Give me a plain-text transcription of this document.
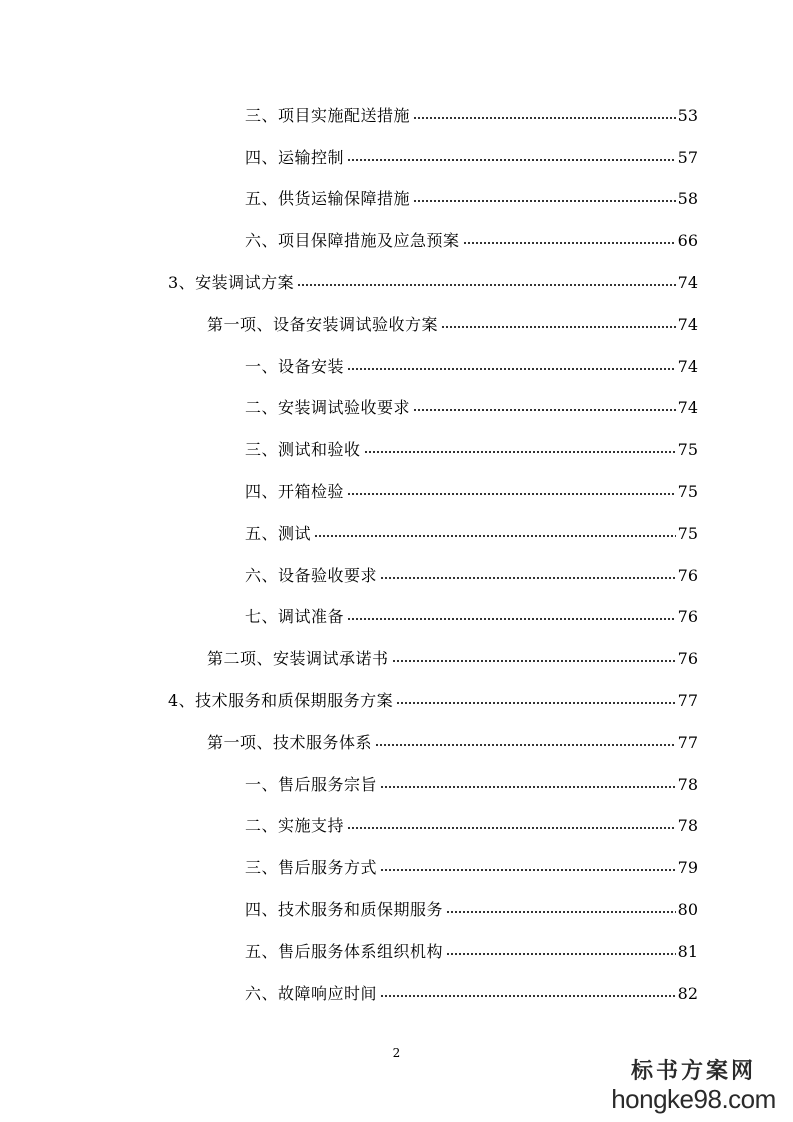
三、项目实施配送措施	53
四、运输控制	57
五、供货运输保障措施	58
六、项目保障措施及应急预案	66
3、安装调试方案	74
第一项、设备安装调试验收方案	74
一、设备安装	74
二、安装调试验收要求	74
三、测试和验收	75
四、开箱检验	75
五、测试	75
六、设备验收要求	76
七、调试准备	76
第二项、安装调试承诺书	76
4、技术服务和质保期服务方案	77
第一项、技术服务体系	77
一、售后服务宗旨	78
二、实施支持	78
三、售后服务方式	79
四、技术服务和质保期服务	80
五、售后服务体系组织机构	81
六、故障响应时间	82
2
标书方案网
hongke98.com
